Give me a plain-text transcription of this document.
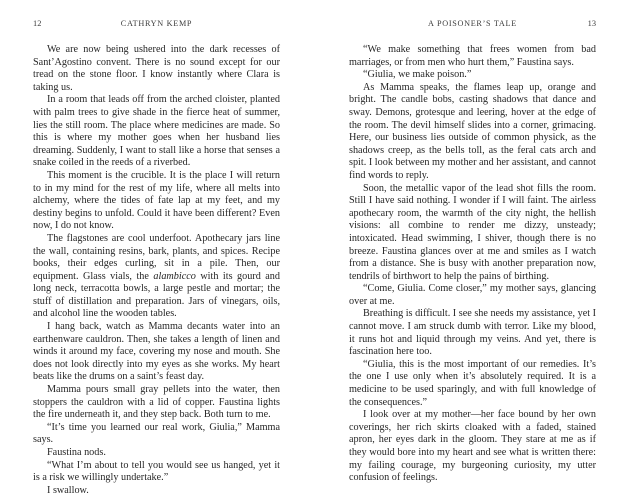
12	CATHRYN KEMP

We are now being ushered into the dark recesses of Sant’Agostino convent. There is no sound except for our tread on the stone floor. I know instantly where Clara is taking us.

In a room that leads off from the arched cloister, planted with palm trees to give shade in the fierce heat of summer, lies the still room. The place where medicines are made. So this is where my mother goes when her husband lies dreaming. Suddenly, I want to stall like a horse that senses a snake coiled in the reeds of a riverbed.

This moment is the crucible. It is the place I will return to in my mind for the rest of my life, where all melts into alchemy, where the tides of fate lap at my feet, and my destiny begins to unfold. Could it have been different? Even now, I do not know.

The flagstones are cool underfoot. Apothecary jars line the wall, containing resins, bark, plants, and spices. Recipe books, their edges curling, sit in a pile. Then, our equipment. Glass vials, the alambicco with its gourd and long neck, terracotta bowls, a large pestle and mortar; the stuff of distillation and preparation. Jars of vinegars, oils, and alcohol line the wooden tables.

I hang back, watch as Mamma decants water into an earthenware cauldron. Then, she takes a length of linen and winds it around my face, covering my nose and mouth. She does not look directly into my eyes as she works. My heart beats like the drums on a saint’s feast day.

Mamma pours small gray pellets into the water, then stoppers the cauldron with a lid of copper. Faustina lights the fire underneath it, and they step back. Both turn to me.

“It’s time you learned our real work, Giulia,” Mamma says.

Faustina nods.

“What I’m about to tell you would see us hanged, yet it is a risk we willingly undertake.”

I swallow.

A POISONER’S TALE	13

“We make something that frees women from bad marriages, or from men who hurt them,” Faustina says.

“Giulia, we make poison.”

As Mamma speaks, the flames leap up, orange and bright. The candle bobs, casting shadows that dance and sway. Demons, grotesque and leering, hover at the edge of the room. The devil himself slides into a corner, grimacing. Here, our business lies outside of common physick, as the shadows creep, as the bells toll, as the feral cats arch and spit. I look between my mother and her assistant, and cannot find words to reply.

Soon, the metallic vapor of the lead shot fills the room. Still I have said nothing. I wonder if I will faint. The airless apothecary room, the warmth of the city night, the hellish visions: all combine to render me dizzy, unsteady; intoxicated. Head swimming, I shiver, though there is no breeze. Faustina glances over at me and smiles as I watch from a distance. She is busy with another preparation now, tendrils of birthwort to help the pains of birthing.

“Come, Giulia. Come closer,” my mother says, glancing over at me.

Breathing is difficult. I see she needs my assistance, yet I cannot move. I am struck dumb with terror. Like my blood, it runs hot and liquid through my veins. And yet, there is fascination here too.

“Giulia, this is the most important of our remedies. It’s the one I use only when it’s absolutely required. It is a medicine to be used sparingly, and with full knowledge of the consequences.”

I look over at my mother—her face bound by her own coverings, her rich skirts cloaked with a faded, stained apron, her eyes dark in the gloom. They stare at me as if they would bore into my heart and see what is written there: my failing courage, my burgeoning curiosity, my utter confusion of feelings.
